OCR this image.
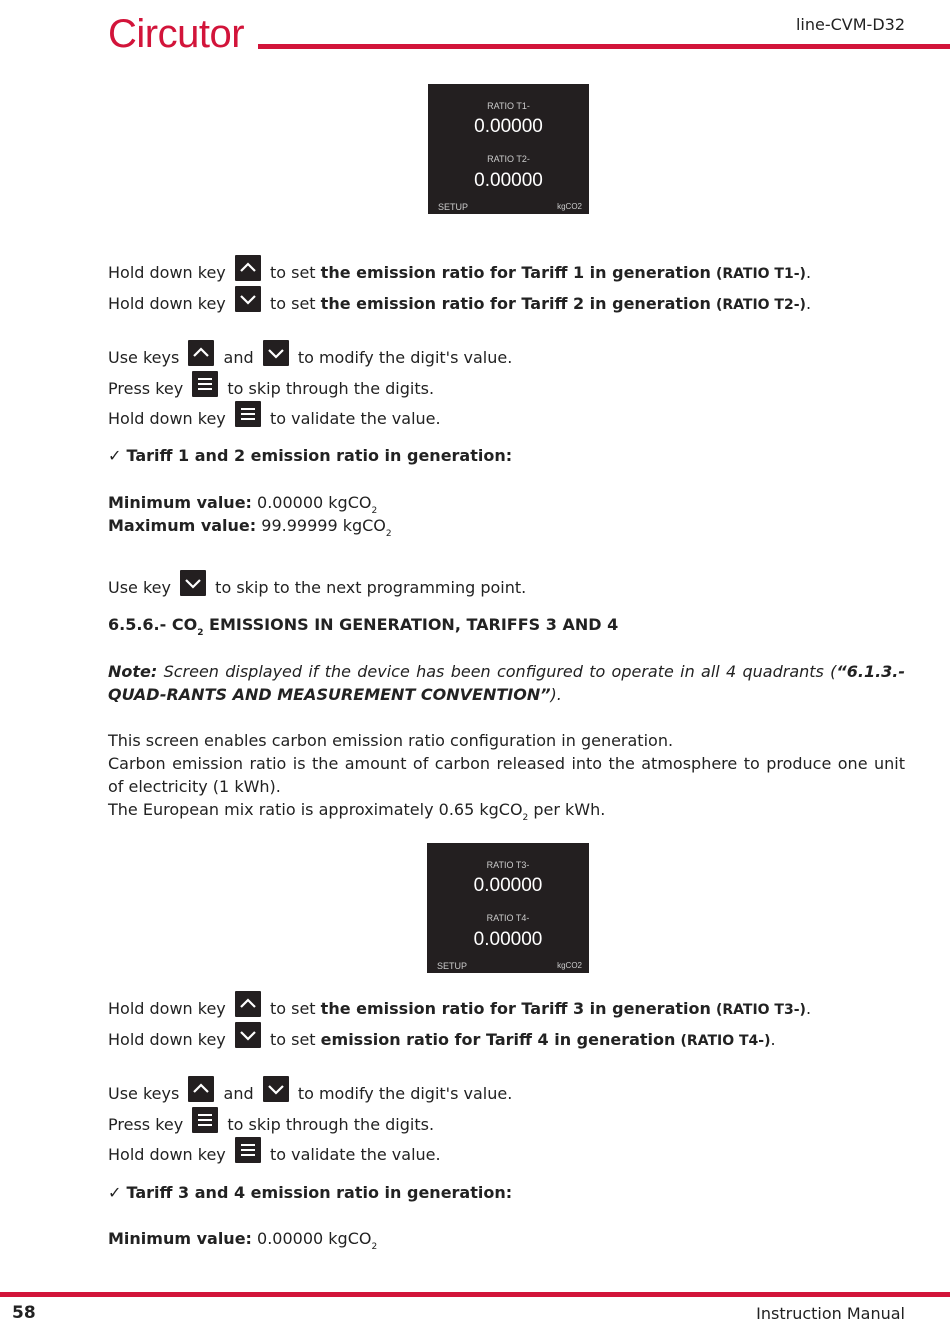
Circutor	line-CVM-D32
RATIO T1-
0.00000
RATIO T2-
0.00000
SETUP	kgCO2
Hold down key	to set the emission ratio for Tariff 1 in generation (RATIO T1-).
Hold down key	to set the emission ratio for Tariff 2 in generation (RATIO T2-).
Use keys	and	to modify the digit's value.
Press key	to skip through the digits.
Hold down key	to validate the value.
✓ Tariff 1 and 2 emission ratio in generation:
Minimum value: 0.00000 kgCO$_2$
Maximum value: 99.99999 kgCO$_2$
Use key	to skip to the next programming point.
6.5.6.- $CO_2$ EMISSIONS IN GENERATION, TARIFFS 3 AND 4
Note: Screen displayed if the device has been configured to operate in all 4 quadrants (“6.1.3.- QUAD-RANTS AND MEASUREMENT CONVENTION”).
This screen enables carbon emission ratio configuration in generation.
Carbon emission ratio is the amount of carbon released into the atmosphere to produce one unit of electricity (1 kWh).
The European mix ratio is approximately 0.65 kgCO$_2$ per kWh.
RATIO T3-
0.00000
RATIO T4-
0.00000
SETUP	kgCO2
Hold down key	to set the emission ratio for Tariff 3 in generation (RATIO T3-).
Hold down key	to set emission ratio for Tariff 4 in generation (RATIO T4-).
Use keys	and	to modify the digit's value.
Press key	to skip through the digits.
Hold down key	to validate the value.
✓ Tariff 3 and 4 emission ratio in generation:
Minimum value: 0.00000 kgCO$_2$
58	Instruction Manual
